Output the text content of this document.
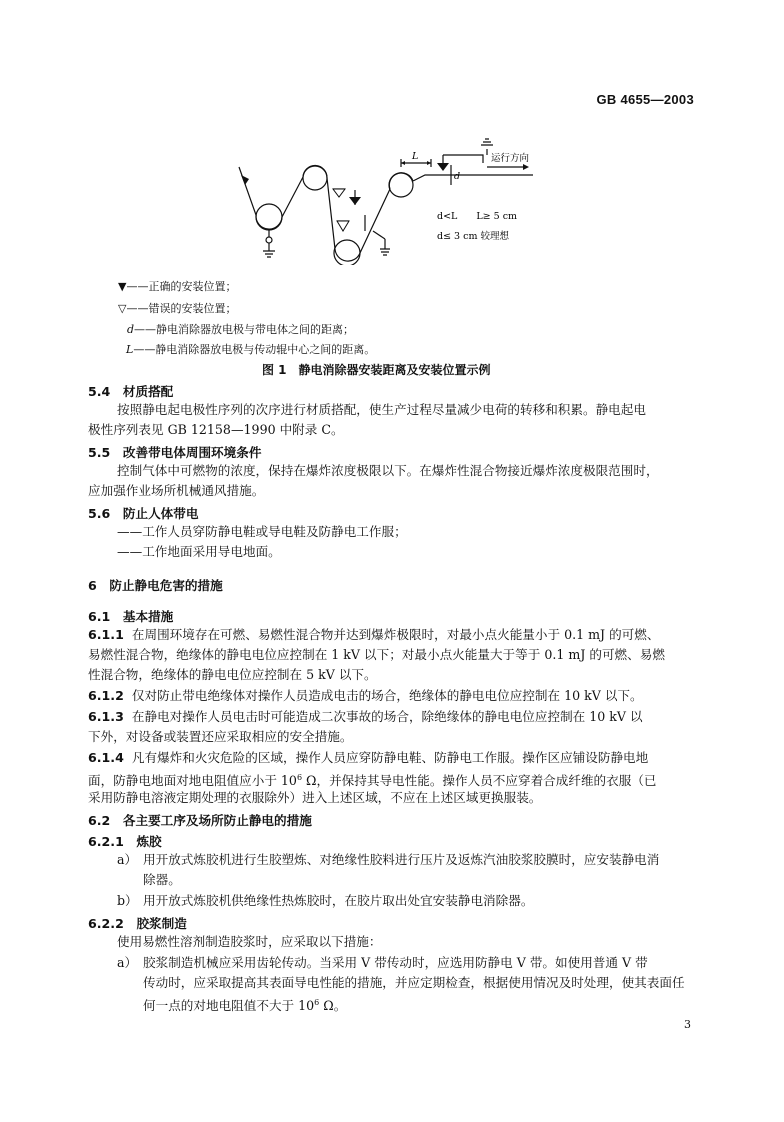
GB 4655—2003
L
d
运行方向
d<L　　L≥ 5 cm
d≤ 3 cm 较理想
▼——正确的安装位置；
▽——错误的安装位置；
d——静电消除器放电极与带电体之间的距离；
L——静电消除器放电极与传动辊中心之间的距离。
图 1　静电消除器安装距离及安装位置示例
5.4　材质搭配
按照静电起电极性序列的次序进行材质搭配，使生产过程尽量减少电荷的转移和积累。静电起电
极性序列表见 GB 12158—1990 中附录 C。
5.5　改善带电体周围环境条件
控制气体中可燃物的浓度，保持在爆炸浓度极限以下。在爆炸性混合物接近爆炸浓度极限范围时，
应加强作业场所机械通风措施。
5.6　防止人体带电
——工作人员穿防静电鞋或导电鞋及防静电工作服；
——工作地面采用导电地面。
6　防止静电危害的措施
6.1　基本措施
6.1.1 在周围环境存在可燃、易燃性混合物并达到爆炸极限时，对最小点火能量小于 0.1 mJ 的可燃、
易燃性混合物，绝缘体的静电电位应控制在 1 kV 以下；对最小点火能量大于等于 0.1 mJ 的可燃、易燃
性混合物，绝缘体的静电电位应控制在 5 kV 以下。
6.1.2 仅对防止带电绝缘体对操作人员造成电击的场合，绝缘体的静电电位应控制在 10 kV 以下。
6.1.3 在静电对操作人员电击时可能造成二次事故的场合，除绝缘体的静电电位应控制在 10 kV 以
下外，对设备或装置还应采取相应的安全措施。
6.1.4 凡有爆炸和火灾危险的区域，操作人员应穿防静电鞋、防静电工作服。操作区应铺设防静电地
面，防静电地面对地电阻值应小于 $10^6$ Ω，并保持其导电性能。操作人员不应穿着合成纤维的衣服（已
采用防静电溶液定期处理的衣服除外）进入上述区域，不应在上述区域更换服装。
6.2　各主要工序及场所防止静电的措施
6.2.1　炼胶
a） 用开放式炼胶机进行生胶塑炼、对绝缘性胶料进行压片及返炼汽油胶浆胶膜时，应安装静电消
除器。
b） 用开放式炼胶机供绝缘性热炼胶时，在胶片取出处宜安装静电消除器。
6.2.2　胶浆制造
使用易燃性溶剂制造胶浆时，应采取以下措施：
a） 胶浆制造机械应采用齿轮传动。当采用 V 带传动时，应选用防静电 V 带。如使用普通 V 带
传动时，应采取提高其表面导电性能的措施，并应定期检查，根据使用情况及时处理，使其表面任
何一点的对地电阻值不大于 $10^6$ Ω。
3
